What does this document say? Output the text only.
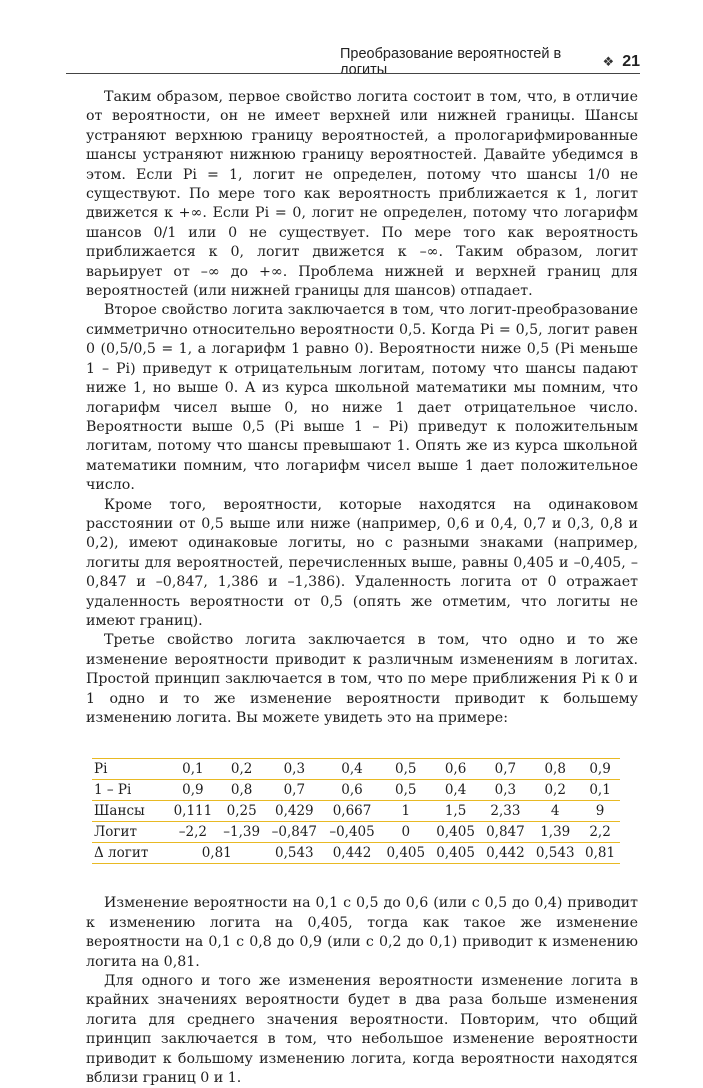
Преобразование вероятностей в логиты
❖ 21

Таким образом, первое свойство логита состоит в том, что, в отличие от вероятности, он не имеет верхней или нижней границы. Шансы устраняют верхнюю границу вероятностей, а прологарифмированные шансы устраняют нижнюю границу вероятностей. Давайте убедимся в этом. Если Pi = 1, логит не определен, потому что шансы 1/0 не существуют. По мере того как вероятность приближается к 1, логит движется к +∞. Если Pi = 0, логит не определен, потому что логарифм шансов 0/1 или 0 не существует. По мере того как вероятность приближается к 0, логит движется к –∞. Таким образом, логит варьирует от –∞ до +∞. Проблема нижней и верхней границ для вероятностей (или нижней границы для шансов) отпадает.

Второе свойство логита заключается в том, что логит-преобразование симметрично относительно вероятности 0,5. Когда Pi = 0,5, логит равен 0 (0,5/0,5 = 1, а логарифм 1 равно 0). Вероятности ниже 0,5 (Pi меньше 1 – Pi) приведут к отрицательным логитам, потому что шансы падают ниже 1, но выше 0. А из курса школьной математики мы помним, что логарифм чисел выше 0, но ниже 1 дает отрицательное число. Вероятности выше 0,5 (Pi выше 1 – Pi) приведут к положительным логитам, потому что шансы превышают 1. Опять же из курса школьной математики помним, что логарифм чисел выше 1 дает положительное число.

Кроме того, вероятности, которые находятся на одинаковом расстоянии от 0,5 выше или ниже (например, 0,6 и 0,4, 0,7 и 0,3, 0,8 и 0,2), имеют одинаковые логиты, но с разными знаками (например, логиты для вероятностей, перечисленных выше, равны 0,405 и –0,405, –0,847 и –0,847, 1,386 и –1,386). Удаленность логита от 0 отражает удаленность вероятности от 0,5 (опять же отметим, что логиты не имеют границ).

Третье свойство логита заключается в том, что одно и то же изменение вероятности приводит к различным изменениям в логитах. Простой принцип заключается в том, что по мере приближения Pi к 0 и 1 одно и то же изменение вероятности приводит к большему изменению логита. Вы можете увидеть это на примере:

Pi	0,1	0,2	0,3	0,4	0,5	0,6	0,7	0,8	0,9
1 – Pi	0,9	0,8	0,7	0,6	0,5	0,4	0,3	0,2	0,1
Шансы	0,111	0,25	0,429	0,667	1	1,5	2,33	4	9
Логит	–2,2	–1,39	–0,847	–0,405	0	0,405	0,847	1,39	2,2
Δ логит	0,81		0,543	0,442	0,405	0,405	0,442	0,543	0,81

Изменение вероятности на 0,1 с 0,5 до 0,6 (или с 0,5 до 0,4) приводит к изменению логита на 0,405, тогда как такое же изменение вероятности на 0,1 с 0,8 до 0,9 (или с 0,2 до 0,1) приводит к изменению логита на 0,81.

Для одного и того же изменения вероятности изменение логита в крайних значениях вероятности будет в два раза больше изменения логита для среднего значения вероятности. Повторим, что общий принцип заключается в том, что небольшое изменение вероятности приводит к большому изменению логита, когда вероятности находятся вблизи границ 0 и 1.
